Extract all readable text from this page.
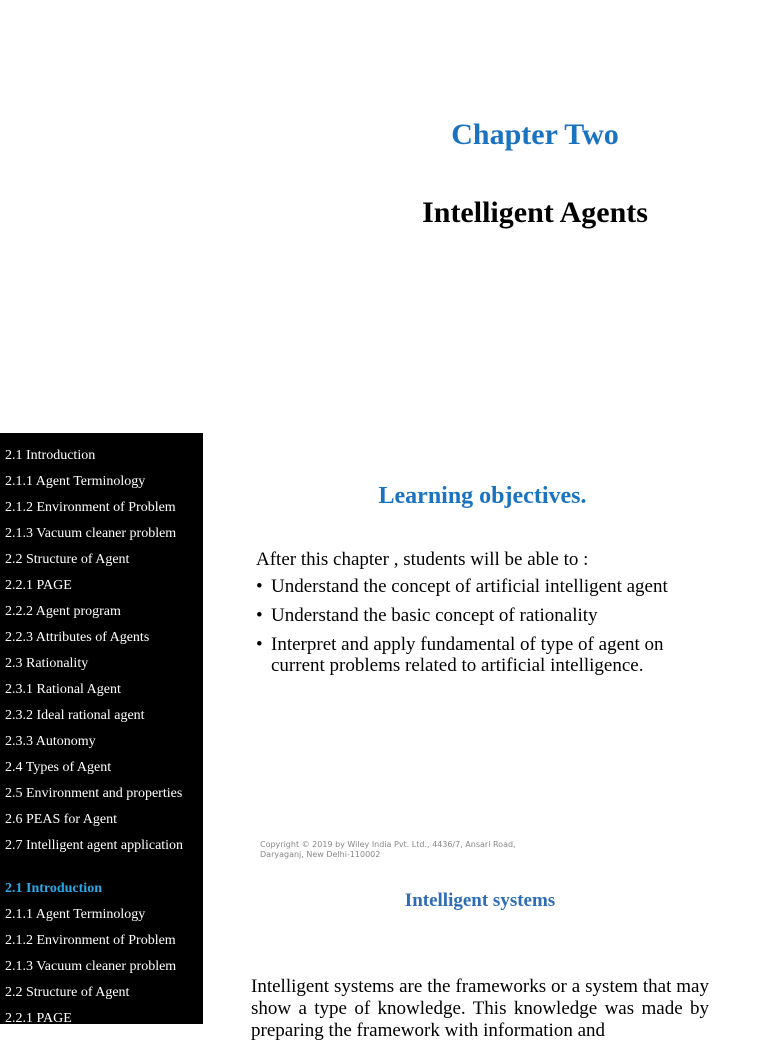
Chapter Two
Intelligent Agents
2.1 Introduction
2.1.1 Agent Terminology
2.1.2 Environment of Problem
2.1.3 Vacuum cleaner problem
2.2 Structure of Agent
2.2.1 PAGE
2.2.2 Agent program
2.2.3 Attributes of Agents
2.3 Rationality
2.3.1 Rational Agent
2.3.2 Ideal rational agent
2.3.3 Autonomy
2.4 Types of Agent
2.5 Environment and properties
2.6 PEAS for Agent
2.7 Intelligent agent application
Learning objectives.
After this chapter , students will be able to :
• Understand the concept of artificial intelligent agent
• Understand the basic concept of rationality
• Interpret and apply fundamental of type of agent on current problems related to artificial intelligence.
Copyright © 2019 by Wiley India Pvt. Ltd., 4436/7, Ansari Road,
Daryaganj, New Delhi-110002
2.1 Introduction
2.1.1 Agent Terminology
2.1.2 Environment of Problem
2.1.3 Vacuum cleaner problem
2.2 Structure of Agent
2.2.1 PAGE
Intelligent systems

Intelligent systems are the frameworks or a system that may show a type of knowledge. This knowledge was made by preparing the framework with information and
